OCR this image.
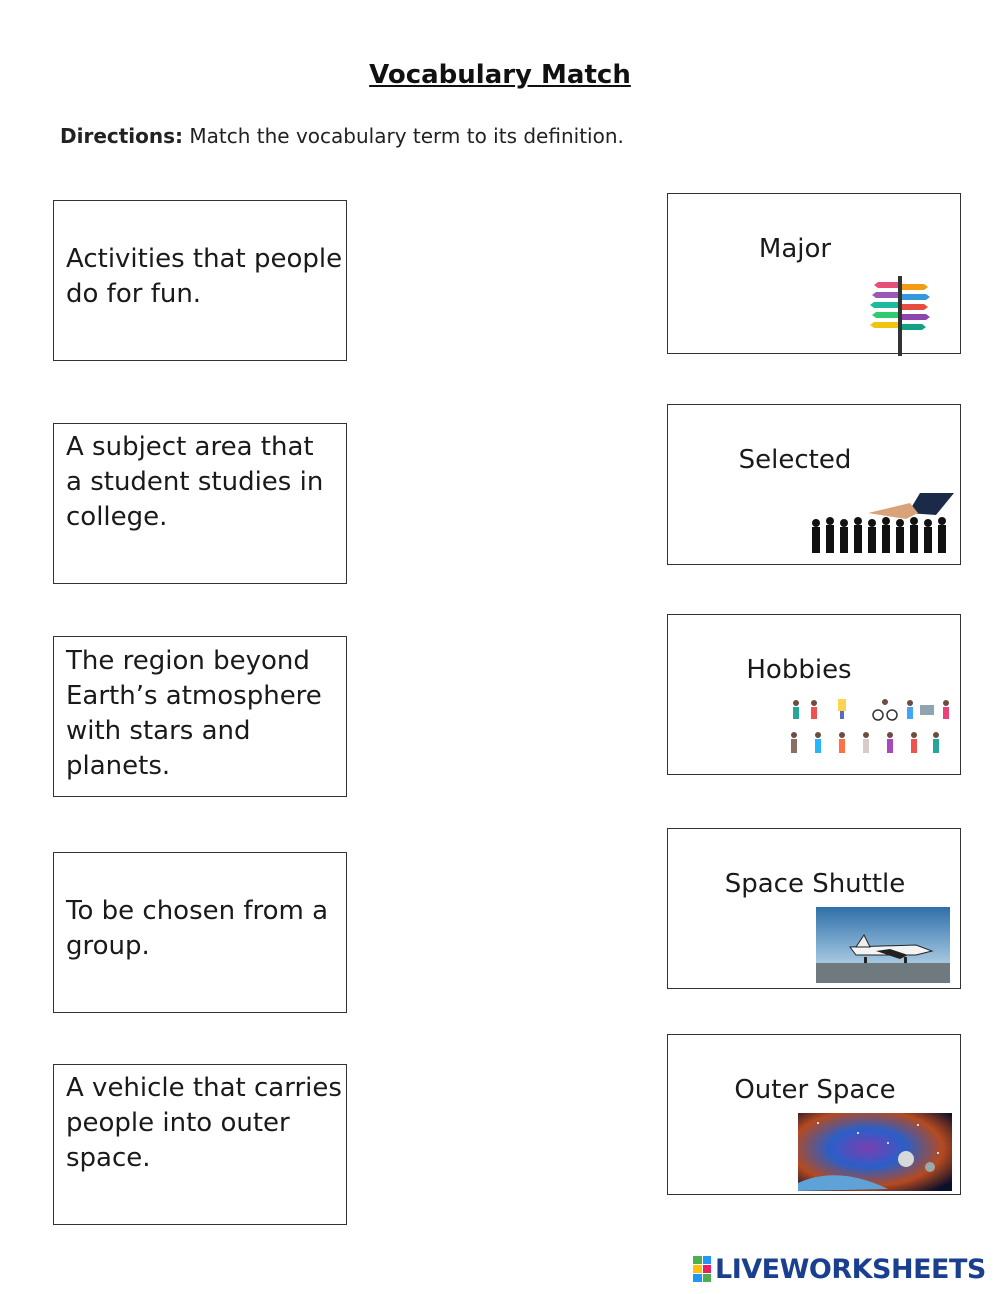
Vocabulary Match
Directions: Match the vocabulary term to its definition.
Activities that people do for fun.
A subject area that a student studies in college.
The region beyond Earth’s atmosphere with stars and planets.
To be chosen from a group.
A vehicle that carries people into outer space.
Major
Selected
Hobbies
Space Shuttle
Outer Space
LIVEWORKSHEETS
